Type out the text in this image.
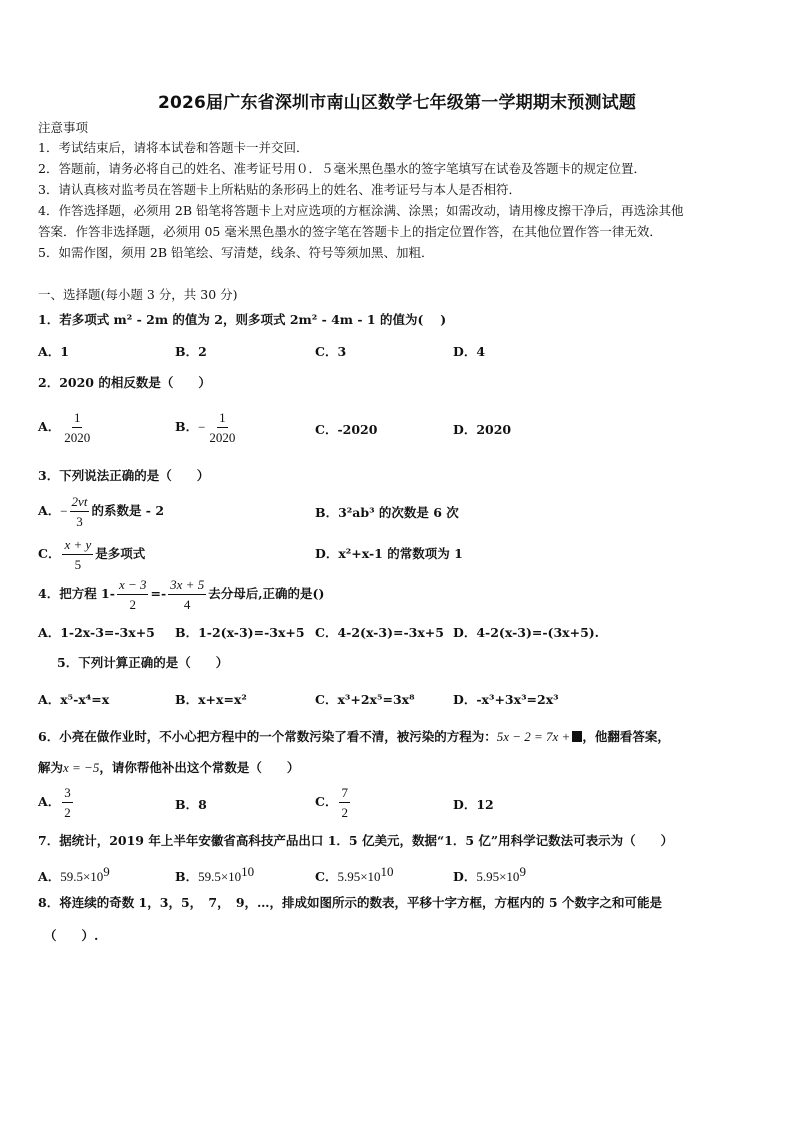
2026届广东省深圳市南山区数学七年级第一学期期末预测试题
注意事项
1．考试结束后，请将本试卷和答题卡一并交回．
2．答题前，请务必将自己的姓名、准考证号用０．５毫米黑色墨水的签字笔填写在试卷及答题卡的规定位置．
3．请认真核对监考员在答题卡上所粘贴的条形码上的姓名、准考证号与本人是否相符．
4．作答选择题，必须用 2B 铅笔将答题卡上对应选项的方框涂满、涂黑；如需改动，请用橡皮擦干净后，再选涂其他
答案．作答非选择题，必须用 05 毫米黑色墨水的签字笔在答题卡上的指定位置作答，在其他位置作答一律无效．
5．如需作图，须用 2B 铅笔绘、写清楚，线条、符号等须加黑、加粗．
一、选择题(每小题 3 分，共 30 分)
1．若多项式 m² - 2m 的值为 2，则多项式 2m² - 4m - 1 的值为(　 )
A．1	B．2	C．3	D．4
2．2020 的相反数是（　　）
A． $\frac{1}{2020}$	B．− $\frac{1}{2020}$	C．-2020	D．2020
3．下列说法正确的是（　　）
A．− $\frac{2vt}{3}$ 的系数是 - 2	B．3²ab³ 的次数是 6 次
C． $\frac{x + y}{5}$ 是多项式	D．x²+x-1 的常数项为 1
4．把方程 $1- \frac{x - 3}{2} =- \frac{3x + 5}{4}$ 去分母后,正确的是()
A．1-2x-3=-3x+5 B．1-2(x-3)=-3x+5 C．4-2(x-3)=-3x+5 D．4-2(x-3)=-(3x+5).
5．下列计算正确的是（　　）
A．x⁵-x⁴=x	B．x+x=x²	C．x³+2x⁵=3x⁸	D．-x³+3x³=2x³
6．小亮在做作业时，不小心把方程中的一个常数污染了看不清，被污染的方程为：5x − 2 = 7x + ，他翻看答案，
解为x = −5，请你帮他补出这个常数是（　　）
A． $\frac{3}{2}$	B．8	C． $\frac{7}{2}$	D．12
7．据统计，2019 年上半年安徽省高科技产品出口 1．5 亿美元，数据“1．5 亿”用科学记数法可表示为（　　）
A．59.5×109	B．59.5×1010	C．5.95×1010	D．5.95×109
8．将连续的奇数 1，3，5，　7，　9，…，排成如图所示的数表，平移十字方框，方框内的 5 个数字之和可能是
（　　）.
